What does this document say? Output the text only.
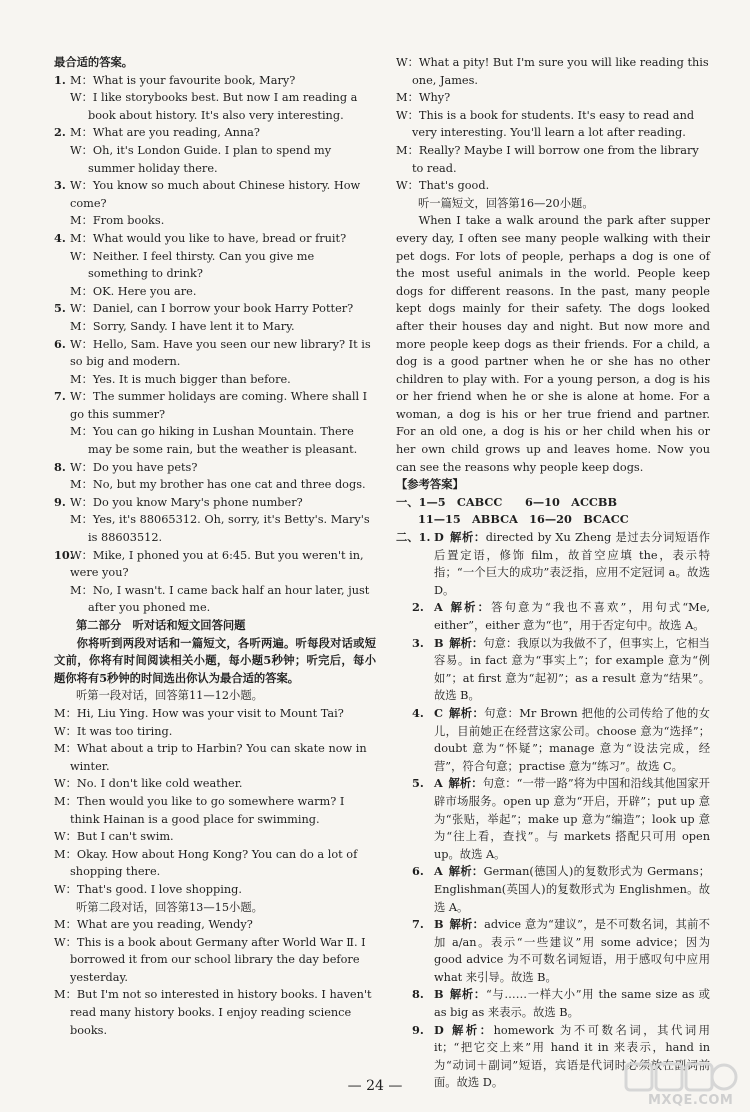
最合适的答案。

1. M：What is your favourite book, Mary?

W：I like storybooks best. But now I am reading a book about history. It's also very interesting.

2. M：What are you reading, Anna?

W：Oh, it's London Guide. I plan to spend my summer holiday there.

3. W：You know so much about Chinese history. How come?

M：From books.

4. M：What would you like to have, bread or fruit?

W：Neither. I feel thirsty. Can you give me something to drink?

M：OK. Here you are.

5. W：Daniel, can I borrow your book Harry Potter?

M：Sorry, Sandy. I have lent it to Mary.

6. W：Hello, Sam. Have you seen our new library? It is so big and modern.

M：Yes. It is much bigger than before.

7. W：The summer holidays are coming. Where shall I go this summer?

M：You can go hiking in Lushan Mountain. There may be some rain, but the weather is pleasant.

8. W：Do you have pets?

M：No, but my brother has one cat and three dogs.

9. W：Do you know Mary's phone number?

M：Yes, it's 88065312. Oh, sorry, it's Betty's. Mary's is 88603512.

10.W：Mike, I phoned you at 6:45. But you weren't in, were you?

M：No, I wasn't. I came back half an hour later, just after you phoned me.

第二部分　听对话和短文回答问题

你将听到两段对话和一篇短文，各听两遍。听每段对话或短文前，你将有时间阅读相关小题，每小题5秒钟；听完后，每小题你将有5秒钟的时间选出你认为最合适的答案。

听第一段对话，回答第11—12小题。

M：Hi, Liu Ying. How was your visit to Mount Tai?

W：It was too tiring.

M：What about a trip to Harbin? You can skate now in winter.

W：No. I don't like cold weather.

M：Then would you like to go somewhere warm? I think Hainan is a good place for swimming.

W：But I can't swim.

M：Okay. How about Hong Kong? You can do a lot of shopping there.

W：That's good. I love shopping.

听第二段对话，回答第13—15小题。

M：What are you reading, Wendy?

W：This is a book about Germany after World War Ⅱ. I borrowed it from our school library the day before yesterday.

M：But I'm not so interested in history books. I haven't read many history books. I enjoy reading science books.

W：What a pity! But I'm sure you will like reading this one, James.

M：Why?

W：This is a book for students. It's easy to read and very interesting. You'll learn a lot after reading.

M：Really? Maybe I will borrow one from the library to read.

W：That's good.

听一篇短文，回答第16—20小题。

When I take a walk around the park after supper every day, I often see many people walking with their pet dogs. For lots of people, perhaps a dog is one of the most useful animals in the world. People keep dogs for different reasons. In the past, many people kept dogs mainly for their safety. The dogs looked after their houses day and night. But now more and more people keep dogs as their friends. For a child, a dog is a good partner when he or she has no other children to play with. For a young person, a dog is his or her friend when he or she is alone at home. For a woman, a dog is his or her true friend and partner. For an old one, a dog is his or her child when his or her own child grows up and leaves home. Now you can see the reasons why people keep dogs.

【参考答案】

一、1—5　CABCC　　6—10　ACCBB

11—15　ABBCA　16—20　BCACC

二、1. D  解析：directed by Xu Zheng 是过去分词短语作后置定语，修饰 film，故首空应填 the，表示特指；“一个巨大的成功”表泛指，应用不定冠词 a。故选 D。

2. A  解析：答句意为“我也不喜欢”，用句式“Me, either”，either 意为“也”，用于否定句中。故选 A。

3. B  解析：句意：我原以为我做不了，但事实上，它相当容易。in fact 意为“事实上”；for example 意为“例如”；at first 意为“起初”；as a result 意为“结果”。故选 B。

4. C  解析：句意：Mr Brown 把他的公司传给了他的女儿，目前她正在经营这家公司。choose 意为“选择”；doubt 意为“怀疑”；manage 意为“设法完成，经营”，符合句意；practise 意为“练习”。故选 C。

5. A  解析：句意：“一带一路”将为中国和沿线其他国家开辟市场服务。open up 意为“开启，开辟”；put up 意为“张贴，举起”；make up 意为“编造”；look up 意为“往上看，查找”。与 markets 搭配只可用 open up。故选 A。

6. A  解析：German(德国人)的复数形式为 Germans；Englishman(英国人)的复数形式为 Englishmen。故选 A。

7. B  解析：advice 意为“建议”，是不可数名词，其前不加 a/an。表示“一些建议”用 some advice；因为 good advice 为不可数名词短语，用于感叹句中应用 what 来引导。故选 B。

8. B  解析：“与……一样大小”用 the same size as 或 as big as 来表示。故选 B。

9. D  解析：homework 为不可数名词，其代词用 it；“把它交上来”用 hand it in 来表示，hand in 为“动词＋副词”短语，宾语是代词时必须放在副词前面。故选 D。

— 24 —
MXQE.COM
